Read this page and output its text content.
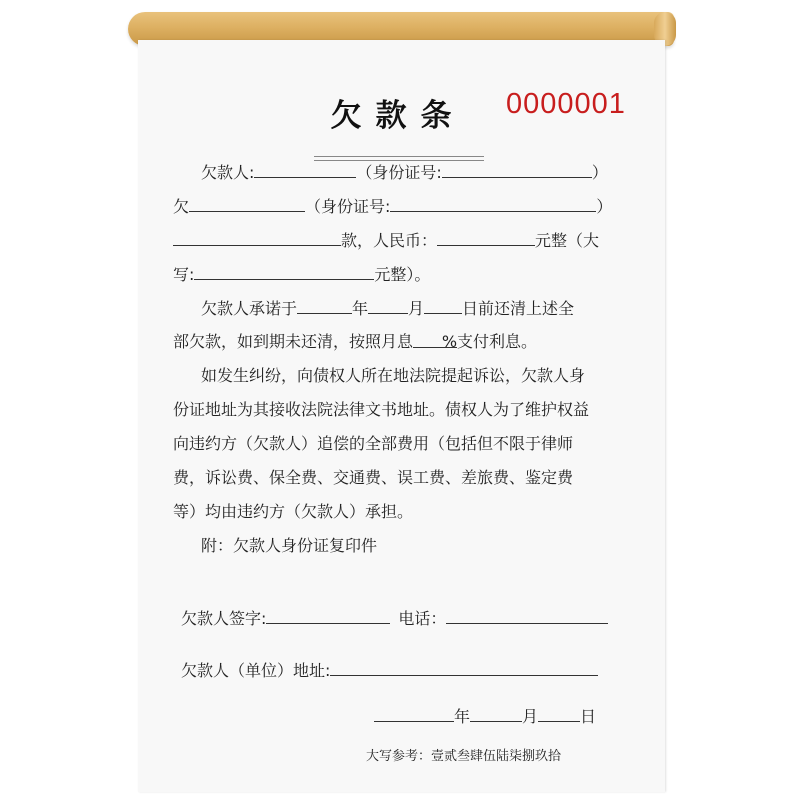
欠款条 0000001
欠款人:	（身份证号:	）
欠	（身份证号:	）
款，人民币：	元整（大
写:	元整）。
欠款人承诺于	年	月 日前还清上述全
部欠款，如到期未还清，按照月息 %支付利息。
如发生纠纷，向债权人所在地法院提起诉讼，欠款人身
份证地址为其接收法院法律文书地址。债权人为了维护权益
向违约方（欠款人）追偿的全部费用（包括但不限于律师
费，诉讼费、保全费、交通费、误工费、差旅费、鉴定费
等）均由违约方（欠款人）承担。
附：欠款人身份证复印件
欠款人签字:	电话：
欠款人（单位）地址:
年	月	日
大写参考：壹贰叁肆伍陆柒捌玖拾
